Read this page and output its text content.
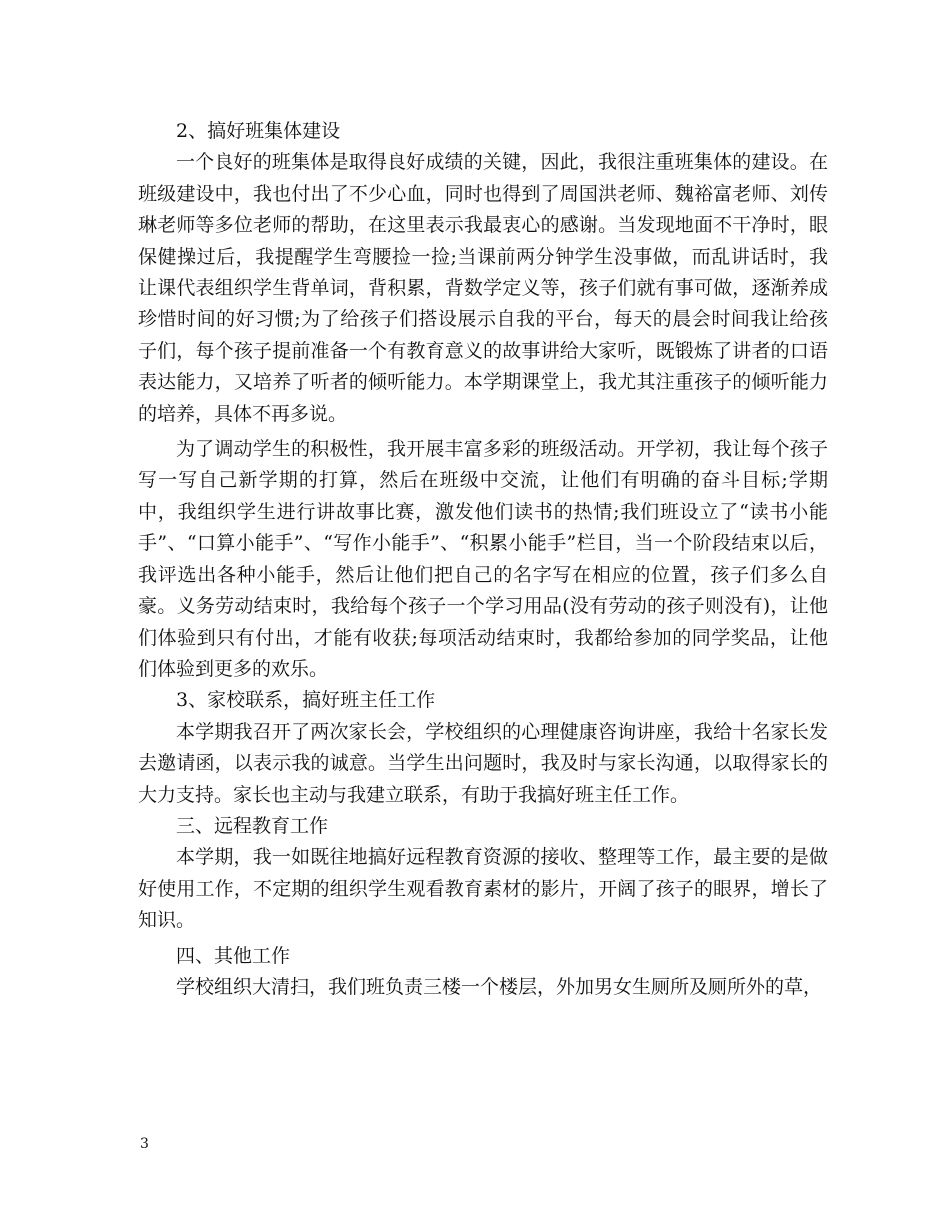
2、搞好班集体建设

一个良好的班集体是取得良好成绩的关键，因此，我很注重班集体的建设。在班级建设中，我也付出了不少心血，同时也得到了周国洪老师、魏裕富老师、刘传琳老师等多位老师的帮助，在这里表示我最衷心的感谢。当发现地面不干净时，眼保健操过后，我提醒学生弯腰捡一捡;当课前两分钟学生没事做，而乱讲话时，我让课代表组织学生背单词，背积累，背数学定义等，孩子们就有事可做，逐渐养成珍惜时间的好习惯;为了给孩子们搭设展示自我的平台，每天的晨会时间我让给孩子们，每个孩子提前准备一个有教育意义的故事讲给大家听，既锻炼了讲者的口语表达能力，又培养了听者的倾听能力。本学期课堂上，我尤其注重孩子的倾听能力的培养，具体不再多说。

为了调动学生的积极性，我开展丰富多彩的班级活动。开学初，我让每个孩子写一写自己新学期的打算，然后在班级中交流，让他们有明确的奋斗目标;学期中，我组织学生进行讲故事比赛，激发他们读书的热情;我们班设立了“读书小能手”、“口算小能手”、“写作小能手”、“积累小能手”栏目，当一个阶段结束以后，我评选出各种小能手，然后让他们把自己的名字写在相应的位置，孩子们多么自豪。义务劳动结束时，我给每个孩子一个学习用品(没有劳动的孩子则没有)，让他们体验到只有付出，才能有收获;每项活动结束时，我都给参加的同学奖品，让他们体验到更多的欢乐。

3、家校联系，搞好班主任工作

本学期我召开了两次家长会，学校组织的心理健康咨询讲座，我给十名家长发去邀请函，以表示我的诚意。当学生出问题时，我及时与家长沟通，以取得家长的大力支持。家长也主动与我建立联系，有助于我搞好班主任工作。

三、远程教育工作

本学期，我一如既往地搞好远程教育资源的接收、整理等工作，最主要的是做好使用工作，不定期的组织学生观看教育素材的影片，开阔了孩子的眼界，增长了知识。

四、其他工作

学校组织大清扫，我们班负责三楼一个楼层，外加男女生厕所及厕所外的草，

3
